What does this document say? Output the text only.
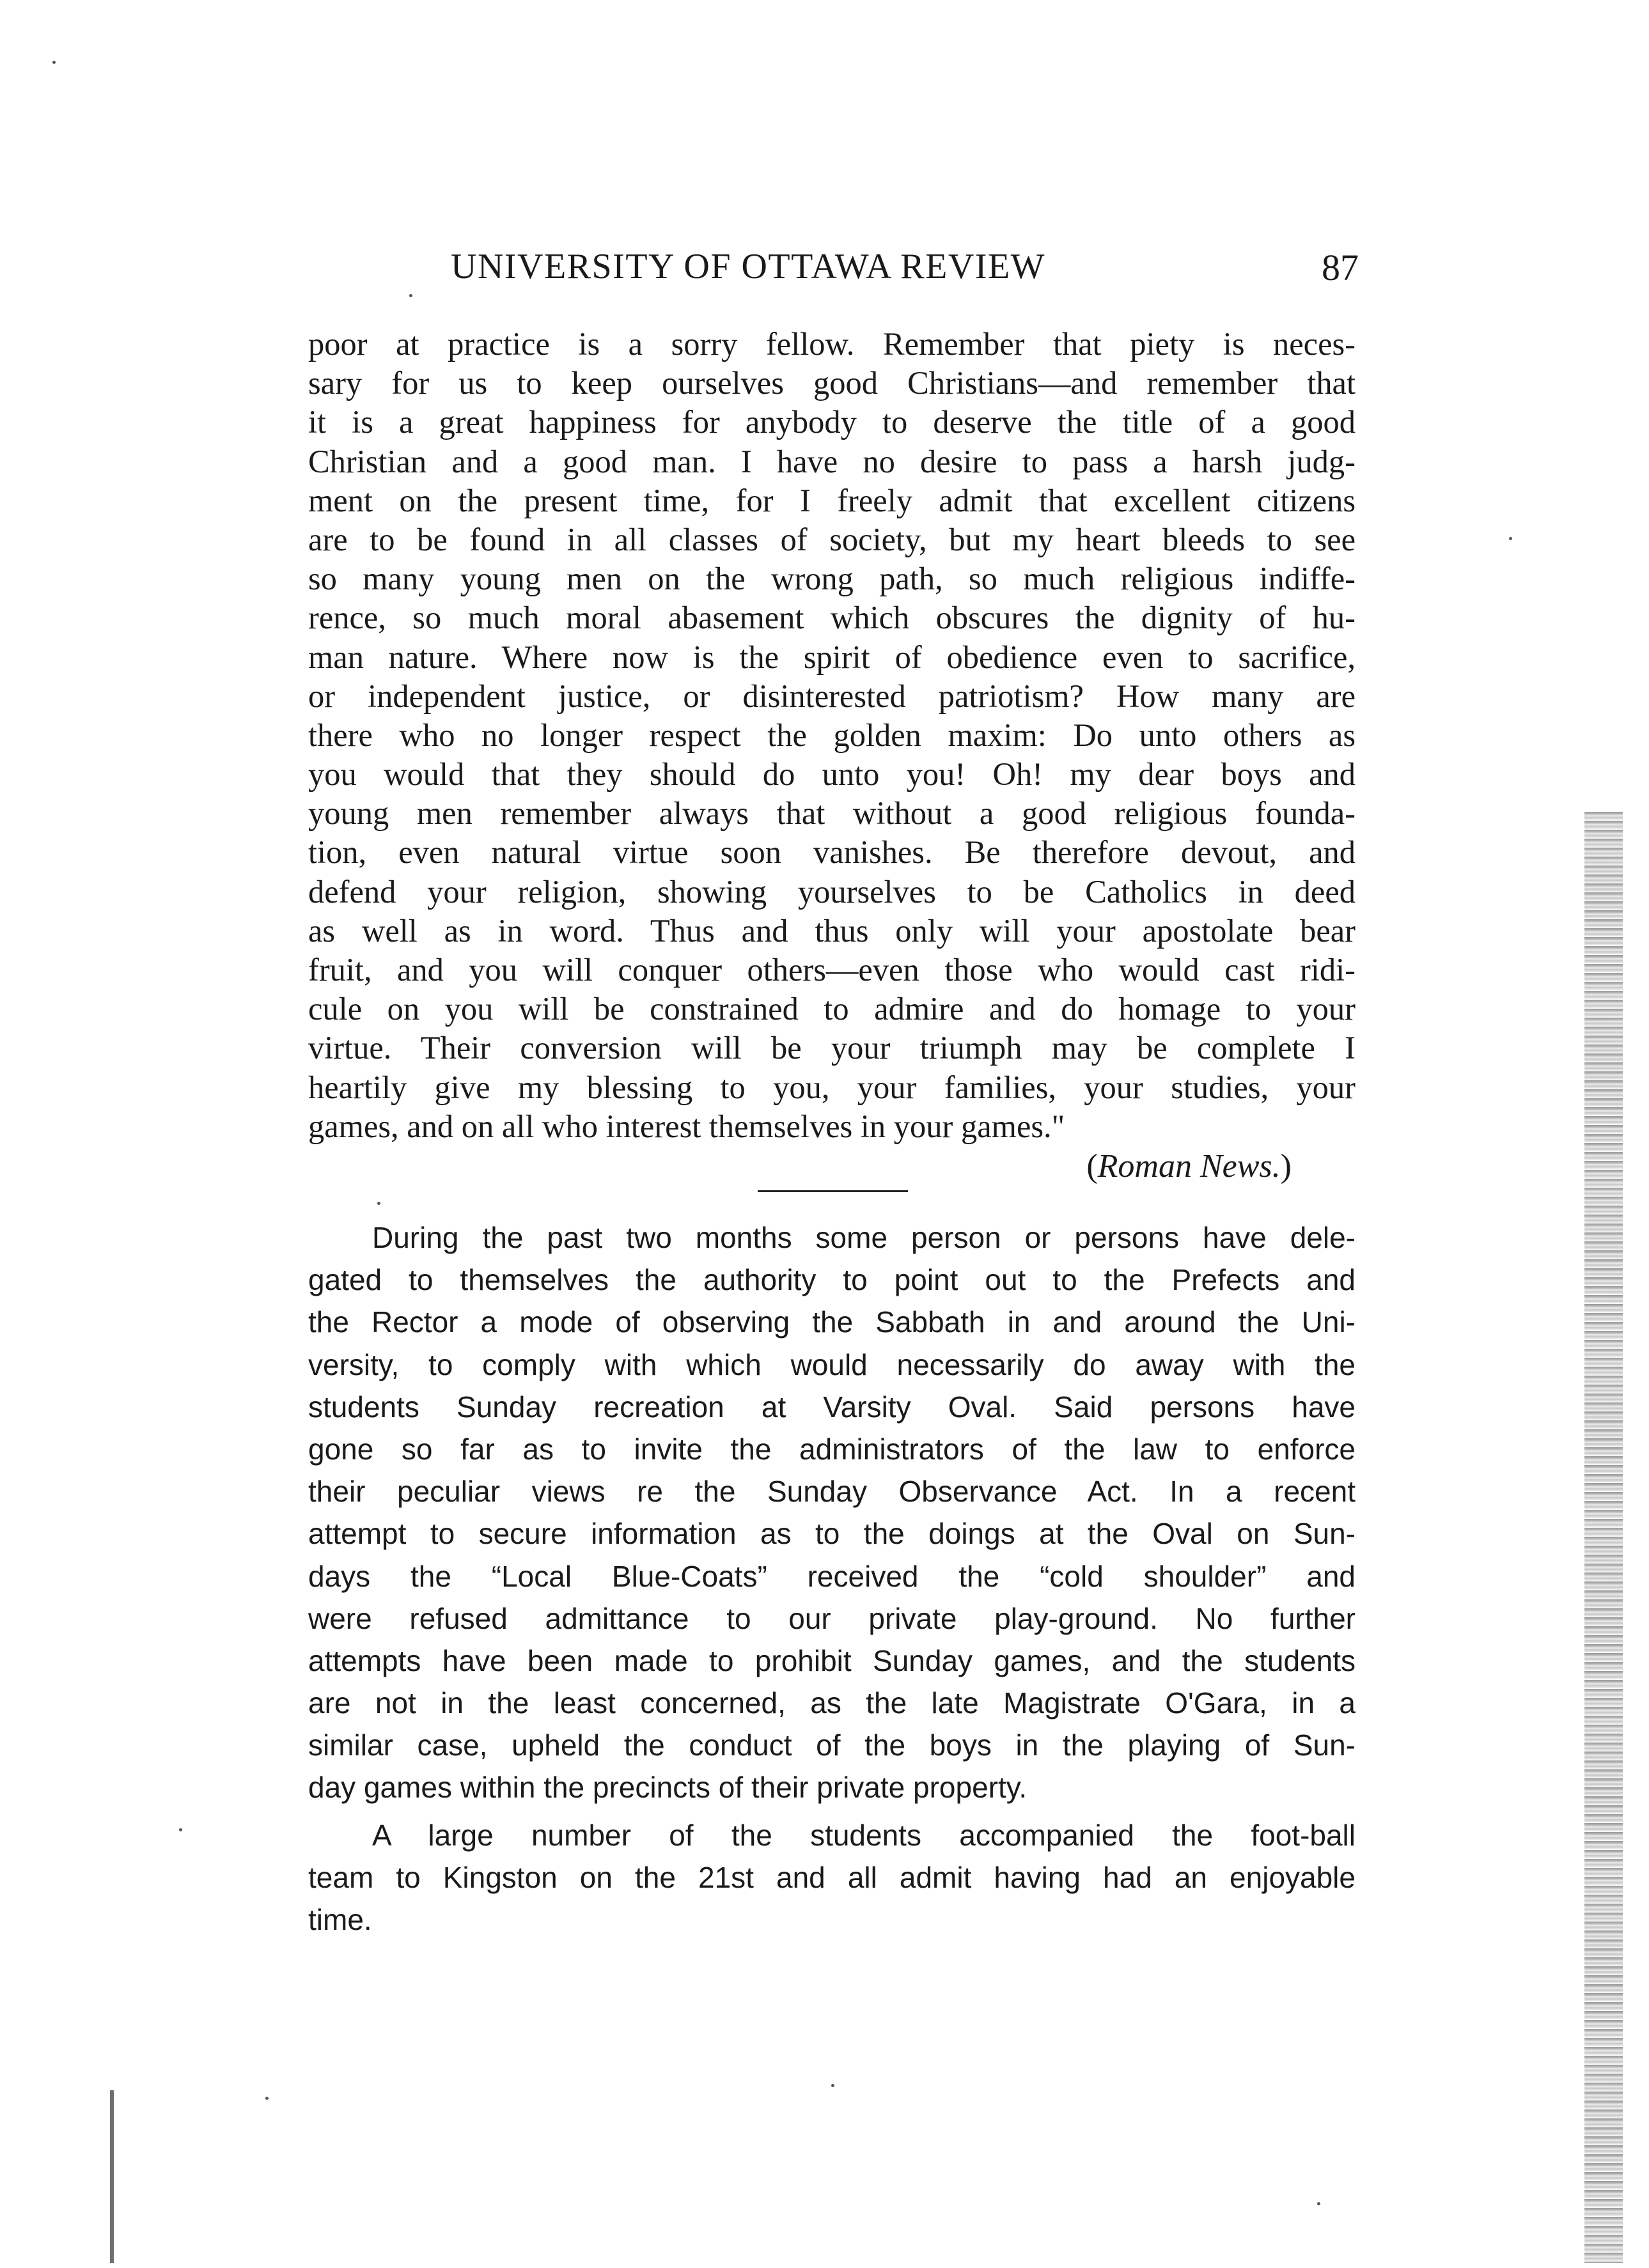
UNIVERSITY OF OTTAWA REVIEW	87
poor at practice is a sorry fellow. Remember that piety is neces-
sary for us to keep ourselves good Christians—and remember that
it is a great happiness for anybody to deserve the title of a good
Christian and a good man. I have no desire to pass a harsh judg-
ment on the present time, for I freely admit that excellent citizens
are to be found in all classes of society, but my heart bleeds to see
so many young men on the wrong path, so much religious indiffe-
rence, so much moral abasement which obscures the dignity of hu-
man nature. Where now is the spirit of obedience even to sacrifice,
or independent justice, or disinterested patriotism? How many are
there who no longer respect the golden maxim: Do unto others as
you would that they should do unto you! Oh! my dear boys and
young men remember always that without a good religious founda-
tion, even natural virtue soon vanishes. Be therefore devout, and
defend your religion, showing yourselves to be Catholics in deed
as well as in word. Thus and thus only will your apostolate bear
fruit, and you will conquer others—even those who would cast ridi-
cule on you will be constrained to admire and do homage to your
virtue. Their conversion will be your triumph may be complete I
heartily give my blessing to you, your families, your studies, your
games, and on all who interest themselves in your games."
(Roman News.)
During the past two months some person or persons have dele-
gated to themselves the authority to point out to the Prefects and
the Rector a mode of observing the Sabbath in and around the Uni-
versity, to comply with which would necessarily do away with the
students Sunday recreation at Varsity Oval. Said persons have
gone so far as to invite the administrators of the law to enforce
their peculiar views re the Sunday Observance Act. In a recent
attempt to secure information as to the doings at the Oval on Sun-
days the “Local Blue-Coats” received the “cold shoulder” and
were refused admittance to our private play-ground. No further
attempts have been made to prohibit Sunday games, and the students
are not in the least concerned, as the late Magistrate O'Gara, in a
similar case, upheld the conduct of the boys in the playing of Sun-
day games within the precincts of their private property.
A large number of the students accompanied the foot-ball
team to Kingston on the 21st and all admit having had an enjoyable
time.
